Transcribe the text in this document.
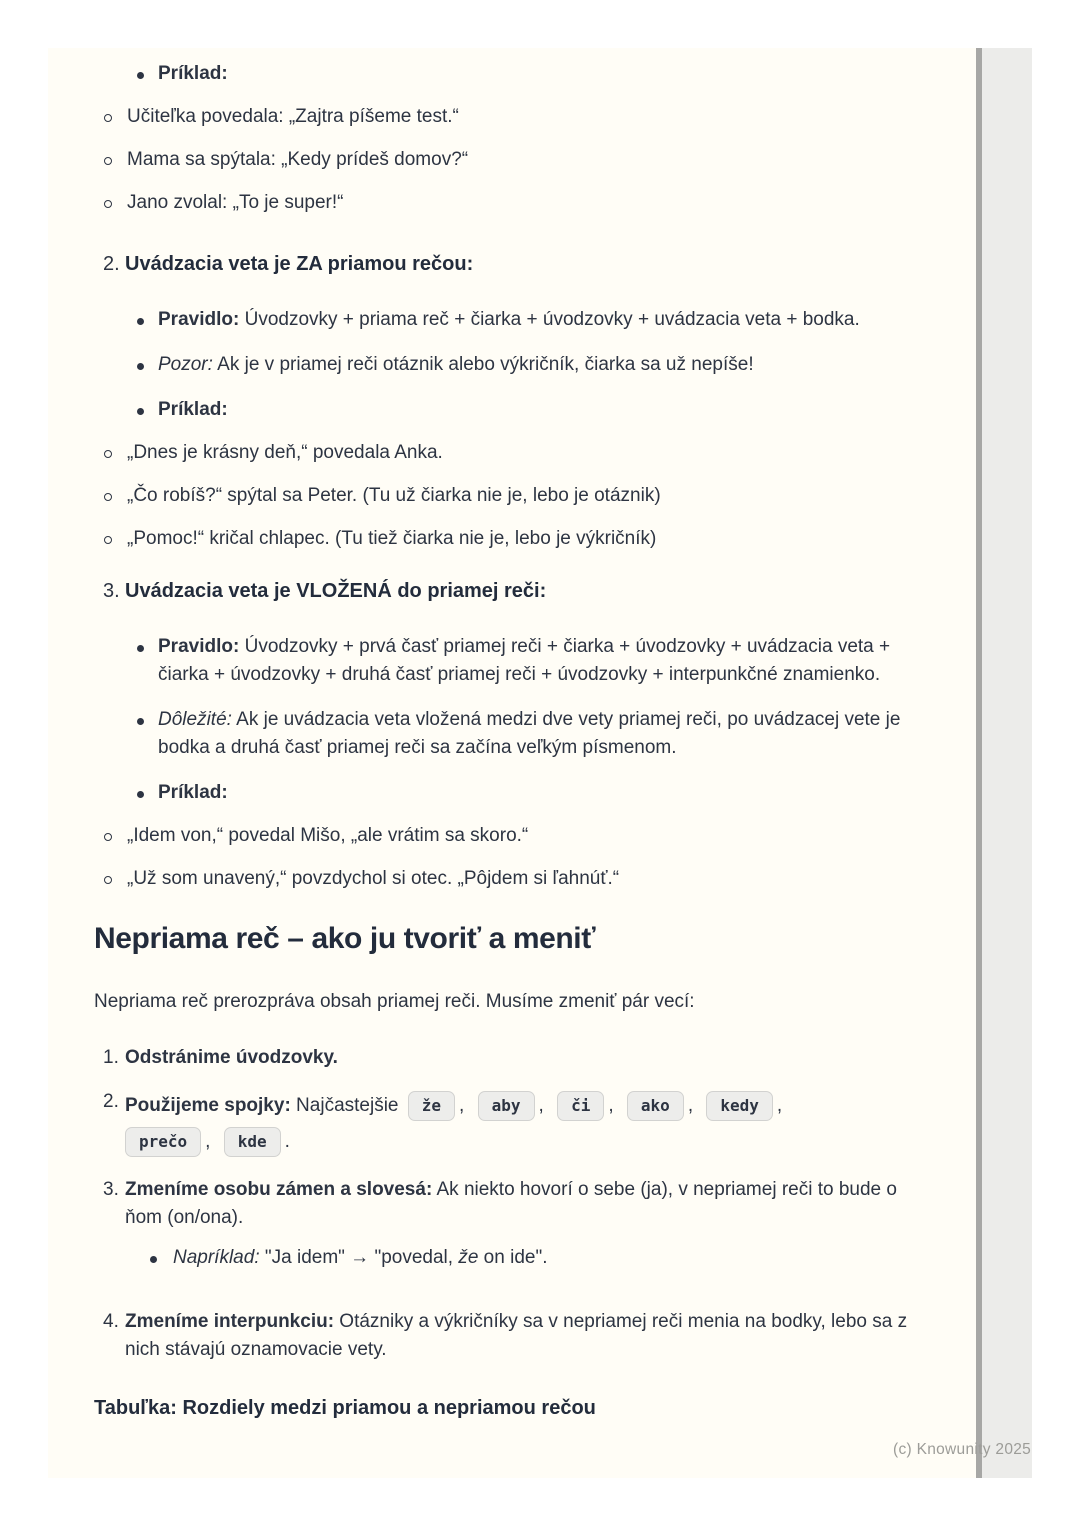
Príklad:
Učiteľka povedala: „Zajtra píšeme test.“
Mama sa spýtala: „Kedy prídeš domov?“
Jano zvolal: „To je super!“
2. Uvádzacia veta je ZA priamou rečou:
Pravidlo: Úvodzovky + priama reč + čiarka + úvodzovky + uvádzacia veta + bodka.
Pozor: Ak je v priamej reči otáznik alebo výkričník, čiarka sa už nepíše!
Príklad:
„Dnes je krásny deň,“ povedala Anka.
„Čo robíš?“ spýtal sa Peter. (Tu už čiarka nie je, lebo je otáznik)
„Pomoc!“ kričal chlapec. (Tu tiež čiarka nie je, lebo je výkričník)
3. Uvádzacia veta je VLOŽENÁ do priamej reči:
Pravidlo: Úvodzovky + prvá časť priamej reči + čiarka + úvodzovky + uvádzacia veta + čiarka + úvodzovky + druhá časť priamej reči + úvodzovky + interpunkčné znamienko.
Dôležité: Ak je uvádzacia veta vložená medzi dve vety priamej reči, po uvádzacej vete je bodka a druhá časť priamej reči sa začína veľkým písmenom.
Príklad:
„Idem von,“ povedal Mišo, „ale vrátim sa skoro.“
„Už som unavený,“ povzdychol si otec. „Pôjdem si ľahnúť.“
Nepriama reč – ako ju tvoriť a meniť
Nepriama reč prerozpráva obsah priamej reči. Musíme zmeniť pár vecí:
1. Odstránime úvodzovky.
2. Použijeme spojky: Najčastejšie že , aby , či , ako , kedy ,
prečo , kde .
3. Zmeníme osobu zámen a slovesá: Ak niekto hovorí o sebe (ja), v nepriamej reči to bude o ňom (on/ona).
Napríklad: "Ja idem" → "povedal, že on ide".
4. Zmeníme interpunkciu: Otázniky a výkričníky sa v nepriamej reči menia na bodky, lebo sa z nich stávajú oznamovacie vety.
Tabuľka: Rozdiely medzi priamou a nepriamou rečou
(c) Knowunity 2025
